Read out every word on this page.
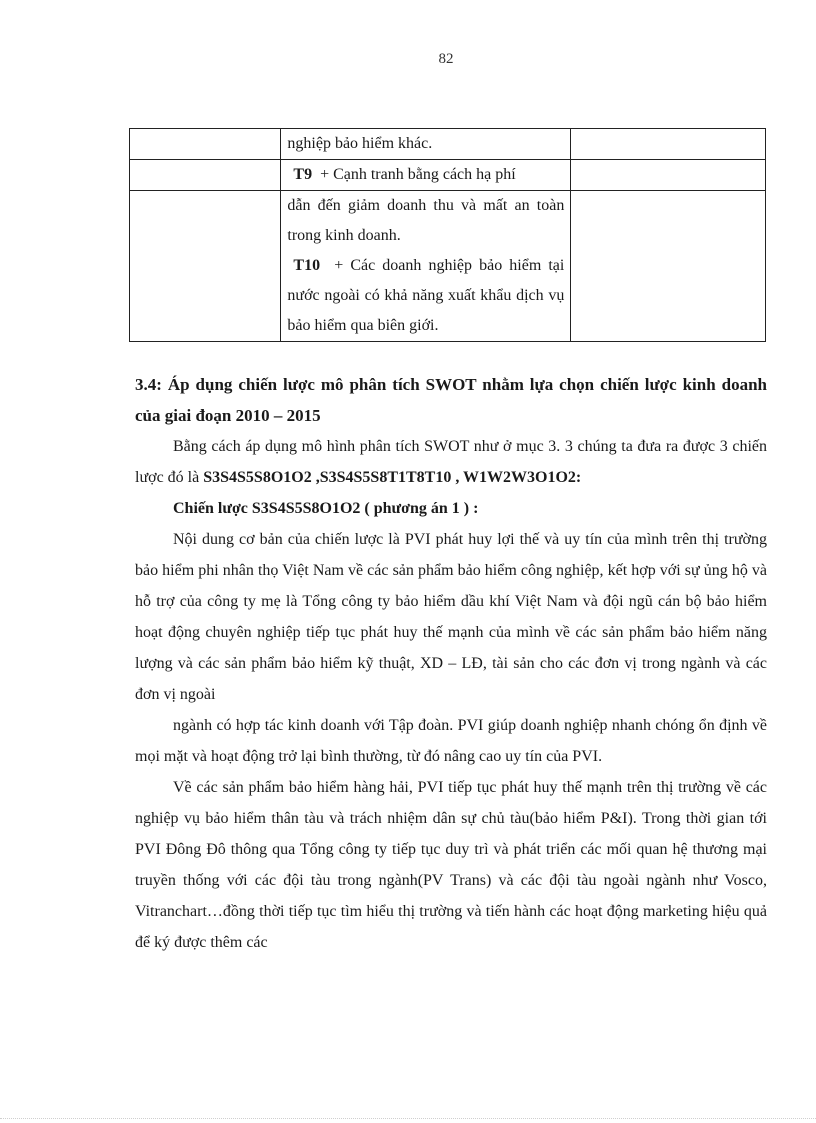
82
	nghiệp bảo hiểm khác.	
	T9 + Cạnh tranh bằng cách hạ phí	

	dẫn đến giảm doanh thu và mất an toàn trong kinh doanh.
T10 + Các doanh nghiệp bảo hiểm tại nước ngoài có khả năng xuất khẩu dịch vụ bảo hiểm qua biên giới.	

3.4: Áp dụng chiến lược mô phân tích SWOT nhằm lựa chọn chiến lược kinh doanh của giai đoạn 2010 – 2015

Bằng cách áp dụng mô hình phân tích SWOT như ở mục 3. 3 chúng ta đưa ra được 3 chiến lược đó là S3S4S5S8O1O2 ,S3S4S5S8T1T8T10 , W1W2W3O1O2:

Chiến lược S3S4S5S8O1O2 ( phương án 1 ) :

Nội dung cơ bản của chiến lược là PVI phát huy lợi thế và uy tín của mình trên thị trường bảo hiểm phi nhân thọ Việt Nam về các sản phẩm bảo hiểm công nghiệp, kết hợp với sự ủng hộ và hỗ trợ của công ty mẹ là Tổng công ty bảo hiểm dầu khí Việt Nam và đội ngũ cán bộ bảo hiểm hoạt động chuyên nghiệp tiếp tục phát huy thế mạnh của mình về các sản phẩm bảo hiểm năng lượng và các sản phẩm bảo hiểm kỹ thuật, XD – LĐ, tài sản cho các đơn vị trong ngành và các đơn vị ngoài

ngành có hợp tác kinh doanh với Tập đoàn. PVI giúp doanh nghiệp nhanh chóng ổn định về mọi mặt và hoạt động trở lại bình thường, từ đó nâng cao uy tín của PVI.

Về các sản phẩm bảo hiểm hàng hải, PVI tiếp tục phát huy thế mạnh trên thị trường về các nghiệp vụ bảo hiểm thân tàu và trách nhiệm dân sự chủ tàu(bảo hiểm P&I). Trong thời gian tới PVI Đông Đô thông qua Tổng công ty tiếp tục duy trì và phát triển các mối quan hệ thương mại truyền thống với các đội tàu trong ngành(PV Trans) và các đội tàu ngoài ngành như Vosco, Vitranchart…đồng thời tiếp tục tìm hiểu thị trường và tiến hành các hoạt động marketing hiệu quả để ký được thêm các
